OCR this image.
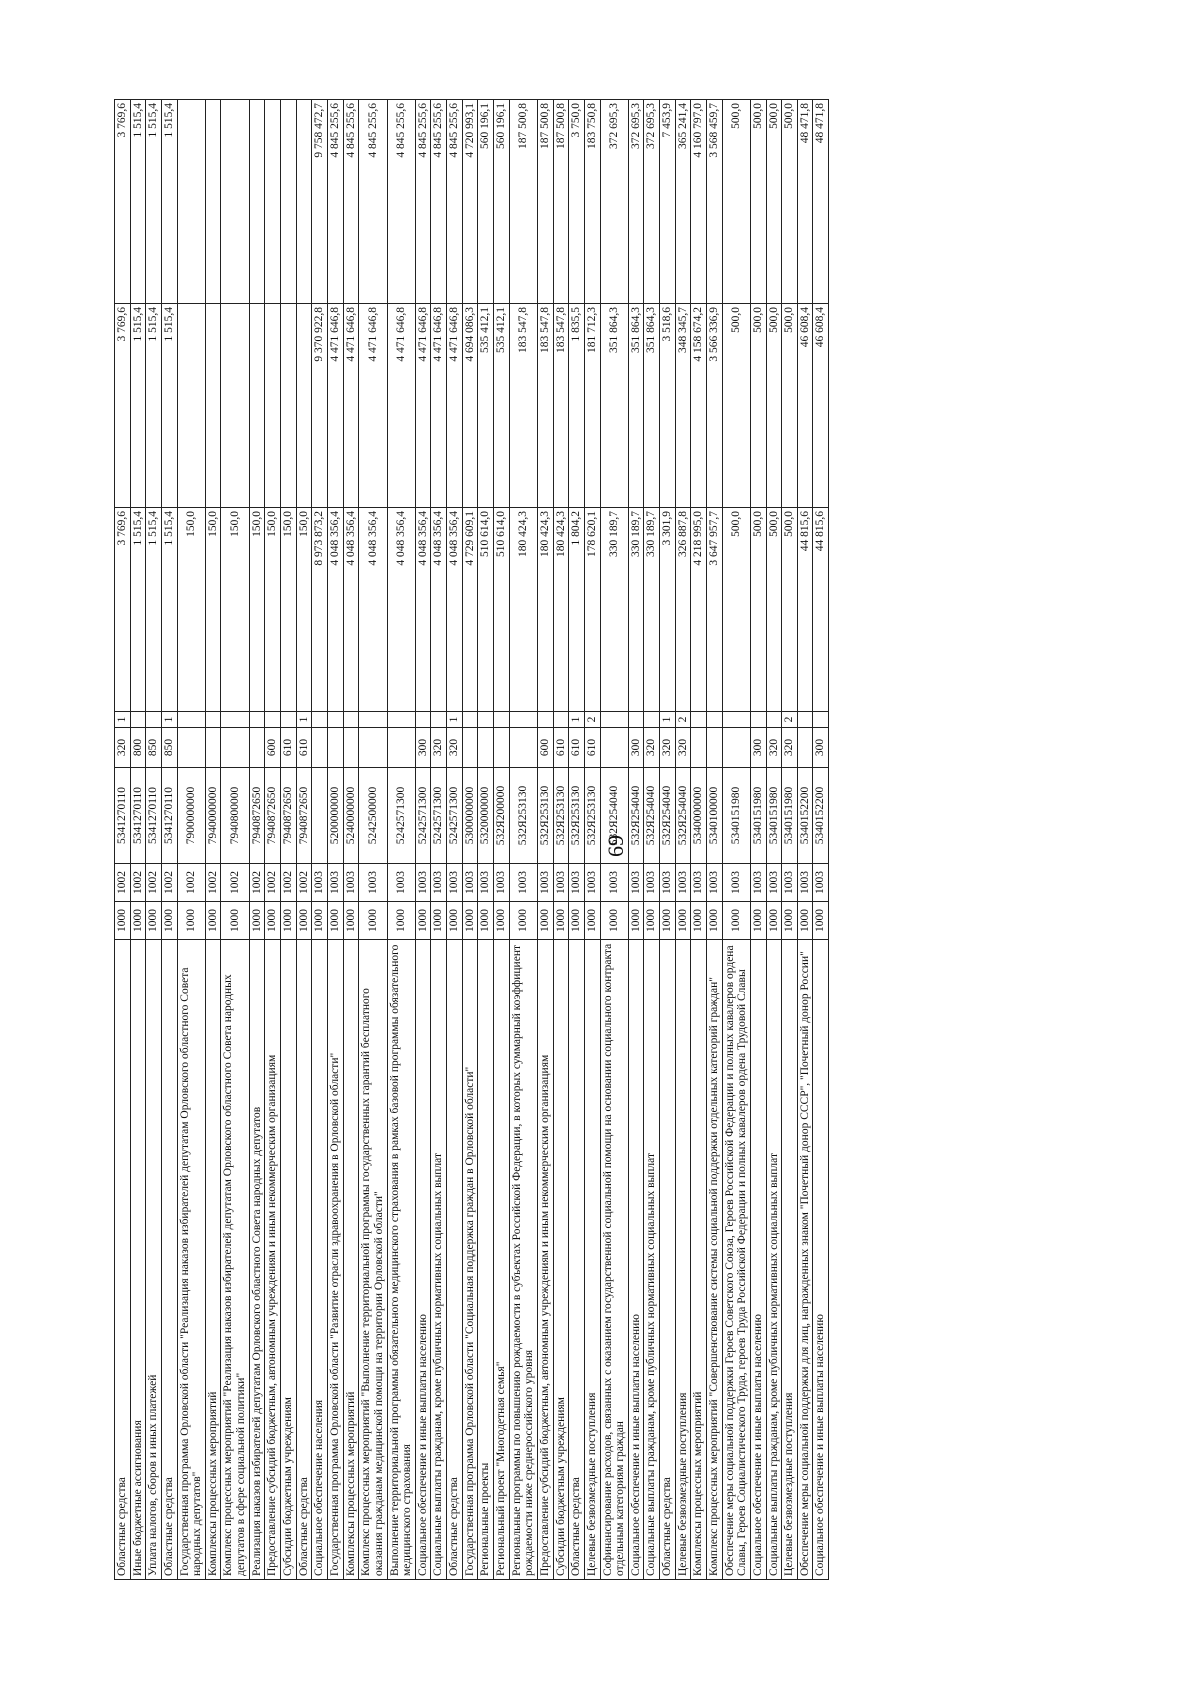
69
Областные средства	1000	1002	5341270110	320	1	3 769,6	3 769,6	3 769,6
Иные бюджетные ассигнования	1000	1002	5341270110	800		1 515,4	1 515,4	1 515,4
Уплата налогов, сборов и иных платежей	1000	1002	5341270110	850		1 515,4	1 515,4	1 515,4
Областные средства	1000	1002	5341270110	850	1	1 515,4	1 515,4	1 515,4
Государственная программа Орловской области "Реализация наказов избирателей депутатам Орловского областного Совета народных депутатов"	1000	1002	7900000000			150,0		
Комплексы процессных мероприятий	1000	1002	7940000000			150,0		
Комплекс процессных мероприятий "Реализация наказов избирателей депутатам Орловского областного Совета народных депутатов в сфере социальной политики"	1000	1002	7940800000			150,0		
Реализация наказов избирателей депутатам Орловского областного Совета народных депутатов	1000	1002	7940872650			150,0		
Предоставление субсидий бюджетным, автономным учреждениям и иным некоммерческим организациям	1000	1002	7940872650	600		150,0		
Субсидии бюджетным учреждениям	1000	1002	7940872650	610		150,0		
Областные средства	1000	1002	7940872650	610	1	150,0		
Социальное обеспечение населения	1000	1003				8 973 873,2	9 370 922,8	9 758 472,7
Государственная программа Орловской области "Развитие отрасли здравоохранения в Орловской области"	1000	1003	5200000000			4 048 356,4	4 471 646,8	4 845 255,6
Комплексы процессных мероприятий	1000	1003	5240000000			4 048 356,4	4 471 646,8	4 845 255,6
Комплекс процессных мероприятий "Выполнение территориальной программы государственных гарантий бесплатного оказания гражданам медицинской помощи на территории Орловской области"	1000	1003	5242500000			4 048 356,4	4 471 646,8	4 845 255,6
Выполнение территориальной программы обязательного медицинского страхования в рамках базовой программы обязательного медицинского страхования	1000	1003	5242571300			4 048 356,4	4 471 646,8	4 845 255,6
Социальное обеспечение и иные выплаты населению	1000	1003	5242571300	300		4 048 356,4	4 471 646,8	4 845 255,6
Социальные выплаты гражданам, кроме публичных нормативных социальных выплат	1000	1003	5242571300	320		4 048 356,4	4 471 646,8	4 845 255,6
Областные средства	1000	1003	5242571300	320	1	4 048 356,4	4 471 646,8	4 845 255,6
Государственная программа Орловской области "Социальная поддержка граждан в Орловской области"	1000	1003	5300000000			4 729 609,1	4 694 086,3	4 720 993,1
Региональные проекты	1000	1003	5320000000			510 614,0	535 412,1	560 196,1
Региональный проект "Многодетная семья"	1000	1003	532Я200000			510 614,0	535 412,1	560 196,1
Региональные программы по повышению рождаемости в субъектах Российской Федерации, в которых суммарный коэффициент рождаемости ниже среднероссийского уровня	1000	1003	532Я253130			180 424,3	183 547,8	187 500,8
Предоставление субсидий бюджетным, автономным учреждениям и иным некоммерческим организациям	1000	1003	532Я253130	600		180 424,3	183 547,8	187 500,8
Субсидии бюджетным учреждениям	1000	1003	532Я253130	610		180 424,3	183 547,8	187 500,8
Областные средства	1000	1003	532Я253130	610	1	1 804,2	1 835,5	3 750,0
Целевые безвозмездные поступления	1000	1003	532Я253130	610	2	178 620,1	181 712,3	183 750,8
Софинансирование расходов, связанных с оказанием государственной социальной помощи на основании социального контракта отдельным категориям граждан	1000	1003	532Я254040			330 189,7	351 864,3	372 695,3
Социальное обеспечение и иные выплаты населению	1000	1003	532Я254040	300		330 189,7	351 864,3	372 695,3
Социальные выплаты гражданам, кроме публичных нормативных социальных выплат	1000	1003	532Я254040	320		330 189,7	351 864,3	372 695,3
Областные средства	1000	1003	532Я254040	320	1	3 301,9	3 518,6	7 453,9
Целевые безвозмездные поступления	1000	1003	532Я254040	320	2	326 887,8	348 345,7	365 241,4
Комплексы процессных мероприятий	1000	1003	5340000000			4 218 995,0	4 158 674,2	4 160 797,0
Комплекс процессных мероприятий "Совершенствование системы социальной поддержки отдельных категорий граждан"	1000	1003	5340100000			3 647 957,7	3 566 336,9	3 568 459,7
Обеспечение меры социальной поддержки Героев Советского Союза, Героев Российской Федерации и полных кавалеров ордена Славы, Героев Социалистического Труда, героев Труда Российской Федерации и полных кавалеров ордена Трудовой Славы	1000	1003	5340151980			500,0	500,0	500,0
Социальное обеспечение и иные выплаты населению	1000	1003	5340151980	300		500,0	500,0	500,0
Социальные выплаты гражданам, кроме публичных нормативных социальных выплат	1000	1003	5340151980	320		500,0	500,0	500,0
Целевые безвозмездные поступления	1000	1003	5340151980	320	2	500,0	500,0	500,0
Обеспечение меры социальной поддержки для лиц, награжденных знаком "Почетный донор СССР", "Почетный донор России"	1000	1003	5340152200			44 815,6	46 608,4	48 471,8
Социальное обеспечение и иные выплаты населению	1000	1003	5340152200	300		44 815,6	46 608,4	48 471,8
